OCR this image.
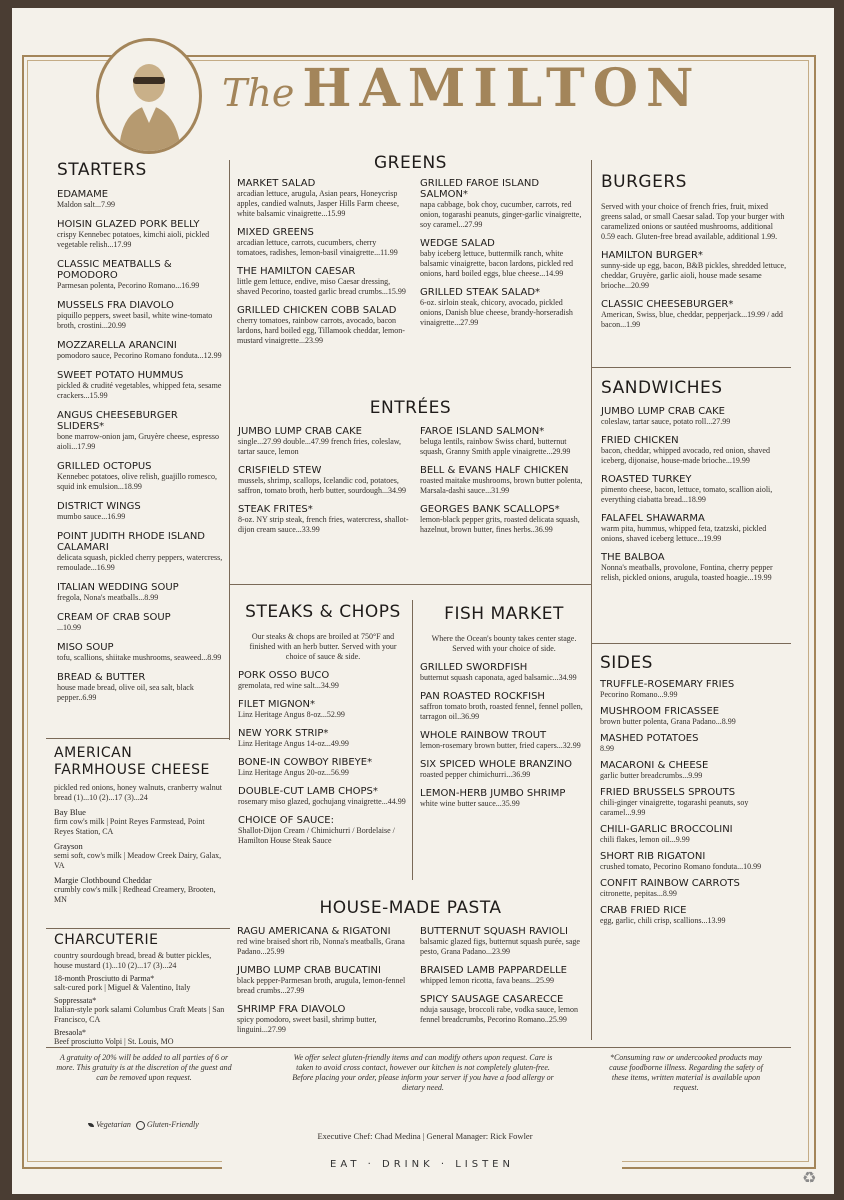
The HAMILTON
STARTERS
EDAMAME
Maldon salt...7.99
HOISIN GLAZED PORK BELLY
crispy Kennebec potatoes, kimchi aioli, pickled vegetable relish...17.99
CLASSIC MEATBALLS & POMODORO
Parmesan polenta, Pecorino Romano...16.99
MUSSELS FRA DIAVOLO
piquillo peppers, sweet basil, white wine-tomato broth, crostini...20.99
MOZZARELLA ARANCINI
pomodoro sauce, Pecorino Romano fonduta...12.99
SWEET POTATO HUMMUS
pickled & crudité vegetables, whipped feta, sesame crackers...15.99
ANGUS CHEESEBURGER SLIDERS*
bone marrow-onion jam, Gruyère cheese, espresso aioli...17.99
GRILLED OCTOPUS
Kennebec potatoes, olive relish, guajillo romesco, squid ink emulsion...18.99
DISTRICT WINGS
mumbo sauce...16.99
POINT JUDITH RHODE ISLAND CALAMARI
delicata squash, pickled cherry peppers, watercress, remoulade...16.99
ITALIAN WEDDING SOUP
fregola, Nona's meatballs...8.99
CREAM OF CRAB SOUP
...10.99
MISO SOUP
tofu, scallions, shiitake mushrooms, seaweed...8.99
BREAD & BUTTER
house made bread, olive oil, sea salt, black pepper..6.99
AMERICAN FARMHOUSE CHEESE
pickled red onions, honey walnuts, cranberry walnut bread (1)...10 (2)...17 (3)...24
Bay Blue
firm cow's milk | Point Reyes Farmstead, Point Reyes Station, CA
Grayson
semi soft, cow's milk | Meadow Creek Dairy, Galax, VA
Margie Clothbound Cheddar
crumbly cow's milk | Redhead Creamery, Brooten, MN
CHARCUTERIE
country sourdough bread, bread & butter pickles, house mustard (1)...10 (2)...17 (3)...24
18-month Prosciutto di Parma*
salt-cured pork | Miguel & Valentino, Italy
Soppressata*
Italian-style pork salami Columbus Craft Meats | San Francisco, CA
Bresaola*
Beef prosciutto Volpi | St. Louis, MO
GREENS
MARKET SALAD
arcadian lettuce, arugula, Asian pears, Honeycrisp apples, candied walnuts, Jasper Hills Farm cheese, white balsamic vinaigrette...15.99
MIXED GREENS
arcadian lettuce, carrots, cucumbers, cherry tomatoes, radishes, lemon-basil vinaigrette...11.99
THE HAMILTON CAESAR
little gem lettuce, endive, miso Caesar dressing, shaved Pecorino, toasted garlic bread crumbs...15.99
GRILLED CHICKEN COBB SALAD
cherry tomatoes, rainbow carrots, avocado, bacon lardons, hard boiled egg, Tillamook cheddar, lemon-mustard vinaigrette...23.99
GRILLED FAROE ISLAND SALMON*
napa cabbage, bok choy, cucumber, carrots, red onion, togarashi peanuts, ginger-garlic vinaigrette, soy caramel...27.99
WEDGE SALAD
baby iceberg lettuce, buttermilk ranch, white balsamic vinaigrette, bacon lardons, pickled red onions, hard boiled eggs, blue cheese...14.99
GRILLED STEAK SALAD*
6-oz. sirloin steak, chicory, avocado, pickled onions, Danish blue cheese, brandy-horseradish vinaigrette...27.99
ENTRÉES
JUMBO LUMP CRAB CAKE
single...27.99 double...47.99 french fries, coleslaw, tartar sauce, lemon
CRISFIELD STEW
mussels, shrimp, scallops, Icelandic cod, potatoes, saffron, tomato broth, herb butter, sourdough...34.99
STEAK FRITES*
8-oz. NY strip steak, french fries, watercress, shallot-dijon cream sauce...33.99
FAROE ISLAND SALMON*
beluga lentils, rainbow Swiss chard, butternut squash, Granny Smith apple vinaigrette...29.99
BELL & EVANS HALF CHICKEN
roasted maitake mushrooms, brown butter polenta, Marsala-dashi sauce...31.99
GEORGES BANK SCALLOPS*
lemon-black pepper grits, roasted delicata squash, hazelnut, brown butter, fines herbs..36.99
STEAKS & CHOPS
Our steaks & chops are broiled at 750°F and finished with an herb butter. Served with your choice of sauce & side.
PORK OSSO BUCO
gremolata, red wine salt...34.99
FILET MIGNON*
Linz Heritage Angus 8-oz...52.99
NEW YORK STRIP*
Linz Heritage Angus 14-oz...49.99
BONE-IN COWBOY RIBEYE*
Linz Heritage Angus 20-oz...56.99
DOUBLE-CUT LAMB CHOPS*
rosemary miso glazed, gochujang vinaigrette...44.99
CHOICE OF SAUCE:
Shallot-Dijon Cream / Chimichurri / Bordelaise / Hamilton House Steak Sauce
FISH MARKET
Where the Ocean's bounty takes center stage. Served with your choice of side.
GRILLED SWORDFISH
butternut squash caponata, aged balsamic...34.99
PAN ROASTED ROCKFISH
saffron tomato broth, roasted fennel, fennel pollen, tarragon oil..36.99
WHOLE RAINBOW TROUT
lemon-rosemary brown butter, fried capers...32.99
SIX SPICED WHOLE BRANZINO
roasted pepper chimichurri...36.99
LEMON-HERB JUMBO SHRIMP
white wine butter sauce...35.99
HOUSE-MADE PASTA
RAGU AMERICANA & RIGATONI
red wine braised short rib, Nonna's meatballs, Grana Padano...25.99
JUMBO LUMP CRAB BUCATINI
black pepper-Parmesan broth, arugula, lemon-fennel bread crumbs...27.99
SHRIMP FRA DIAVOLO
spicy pomodoro, sweet basil, shrimp butter, linguini...27.99
BUTTERNUT SQUASH RAVIOLI
balsamic glazed figs, butternut squash purée, sage pesto, Grana Padano...23.99
BRAISED LAMB PAPPARDELLE
whipped lemon ricotta, fava beans...25.99
SPICY SAUSAGE CASARECCE
nduja sausage, broccoli rabe, vodka sauce, lemon fennel breadcrumbs, Pecorino Romano..25.99
BURGERS
Served with your choice of french fries, fruit, mixed greens salad, or small Caesar salad. Top your burger with caramelized onions or sautéed mushrooms, additional 0.59 each. Gluten-free bread available, additional 1.99.
HAMILTON BURGER*
sunny-side up egg, bacon, B&B pickles, shredded lettuce, cheddar, Gruyère, garlic aioli, house made sesame brioche...20.99
CLASSIC CHEESEBURGER*
American, Swiss, blue, cheddar, pepperjack...19.99 / add bacon...1.99
SANDWICHES
JUMBO LUMP CRAB CAKE
coleslaw, tartar sauce, potato roll...27.99
FRIED CHICKEN
bacon, cheddar, whipped avocado, red onion, shaved iceberg, dijonaise, house-made brioche...19.99
ROASTED TURKEY
pimento cheese, bacon, lettuce, tomato, scallion aioli, everything ciabatta bread...18.99
FALAFEL SHAWARMA
warm pita, hummus, whipped feta, tzatzski, pickled onions, shaved iceberg lettuce...19.99
THE BALBOA
Nonna's meatballs, provolone, Fontina, cherry pepper relish, pickled onions, arugula, toasted hoagie...19.99
SIDES
TRUFFLE-ROSEMARY FRIES
Pecorino Romano...9.99
MUSHROOM FRICASSEE
brown butter polenta, Grana Padano...8.99
MASHED POTATOES
8.99
MACARONI & CHEESE
garlic butter breadcrumbs...9.99
FRIED BRUSSELS SPROUTS
chili-ginger vinaigrette, togarashi peanuts, soy caramel...9.99
CHILI-GARLIC BROCCOLINI
chili flakes, lemon oil...9.99
SHORT RIB RIGATONI
crushed tomato, Pecorino Romano fonduta...10.99
CONFIT RAINBOW CARROTS
citronette, pepitas...8.99
CRAB FRIED RICE
egg, garlic, chili crisp, scallions...13.99
A gratuity of 20% will be added to all parties of 6 or more. This gratuity is at the discretion of the guest and can be removed upon request.
Vegetarian Gluten-Friendly
We offer select gluten-friendly items and can modify others upon request. Care is taken to avoid cross contact, however our kitchen is not completely gluten-free. Before placing your order, please inform your server if you have a food allergy or dietary need.
*Consuming raw or undercooked products may cause foodborne illness. Regarding the safety of these items, written material is available upon request.
Executive Chef: Chad Medina | General Manager: Rick Fowler
EAT · DRINK · LISTEN
♻
